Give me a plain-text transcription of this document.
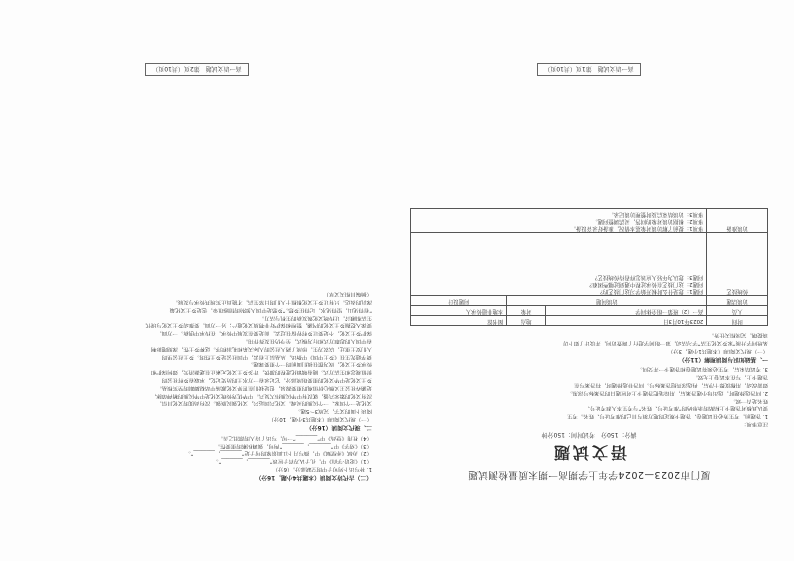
厦门市2023—2024学年上学期高一期末质量检测试题
语文试题
满分：150分　考试时间：150分钟

注意事项：

1. 答题前，考生务必在试题卷、答题卡规定的地方填写自己的准考证号、姓名。考生

要认真核对答题卡上粘贴的条形码的“准考证号、姓名”与考生本人准考证号、

姓名是否一致。

2. 回答选择题时，选出每小题答案后，用铅笔把答题卡上对应题目的答案标号涂黑。

如需改动，用橡皮擦干净后，再选涂其他答案标号。回答非选择题时，将答案写在

答题卡上，写在本试卷上无效。

3. 考试结束后，考生必须将试题卷和答题卡一并交回。

一、基础知识与阅读理解（11分）

（一）现代文阅读I（本题共1小题，3分）

某班同学开展“家乡文化生活”学习活动，第一组同学进行了调查访问，并设计了如下访

谈提纲，完成相关任务。

时间	2023年10月3日	地点	图书馆
人员	高一（2）班第一组全体同学	对象	本地非遗传承人
访谈话题	访谈问题		问题设计
传统技艺	问题1：您是什么时候开始学习这门技艺的？
问题2：这门技艺在传承过程中遇到过哪些困难？
问题3：您认为年轻人应该怎样看待传统技艺？		

访谈准备	事项1：提前了解访谈对象基本情况，准备好录音设备。
事项2：根据访谈对象的回答，灵活调整问题。
事项3：访谈结束后及时整理访谈记录。		
高一语文试题　第1页（共10页）

（二）古代诗文阅读（本题共4小题，16分）

1. 补写出下列句子中的空缺部分。（6分）

（1）《论语·学而》中，孔子认为君子应该“________，________”。

（2）苏轼《赤壁赋》中，描写月下江面景象的句子是“________，________”。

（3）《劝学》中“________，________”两句，强调积累的重要性。

（4）杜甫《登高》中“________”一句，写出了诗人的漂泊之苦。

二、现代文阅读（16分）

（一）现代文阅读I（本题共3小题，10分）

阅读下面的文字，完成3～5题。

文化是一个国家、一个民族的灵魂。文化兴国运兴，文化强民族强。没有高度的文化自信，

没有文化的繁荣兴盛，就没有中华民族伟大复兴。中华优秀传统文化是中华民族的精神命脉，

是涵养社会主义核心价值观的重要源泉，也是我们在世界文化激荡中站稳脚跟的坚实根基。

乡土文化是中华文化的重要组成部分，它记录着一方水土的历史记忆，承载着乡村社会的

价值观念和生活方式。随着城镇化进程的加快，许多乡土文化元素正在逐渐消失，如何保护和

传承乡土文化，成为摆在我们面前的一个重要课题。

费孝通先生在《乡土中国》中指出，从基层上看去，中国社会是乡土性的。乡土社会里的

人们安土重迁，以农为生，形成了熟人社会的人际关系和礼治秩序。这种乡土性，深刻地影响

着中国人的思维方式和行为模式，至今仍在发挥作用。

保护乡土文化，不是要让乡村停留在过去，而是要在发展中传承，在传承中创新。一方面，

要深入挖掘乡土文化的内涵，整理和保护好非物质文化遗产；另一方面，要推动乡土文化与现代

生活相融合，让传统文化焕发新的生机与活力。

“看得见山，望得见水，记得住乡愁。”乡愁是中国人独特的情感纽带，也是乡土文化最

深沉的表达。只有让乡土文化根植于人们的日常生活，才能真正实现其传承与发展。

（摘编自相关文章）

高一语文试题　第2页（共10页）
